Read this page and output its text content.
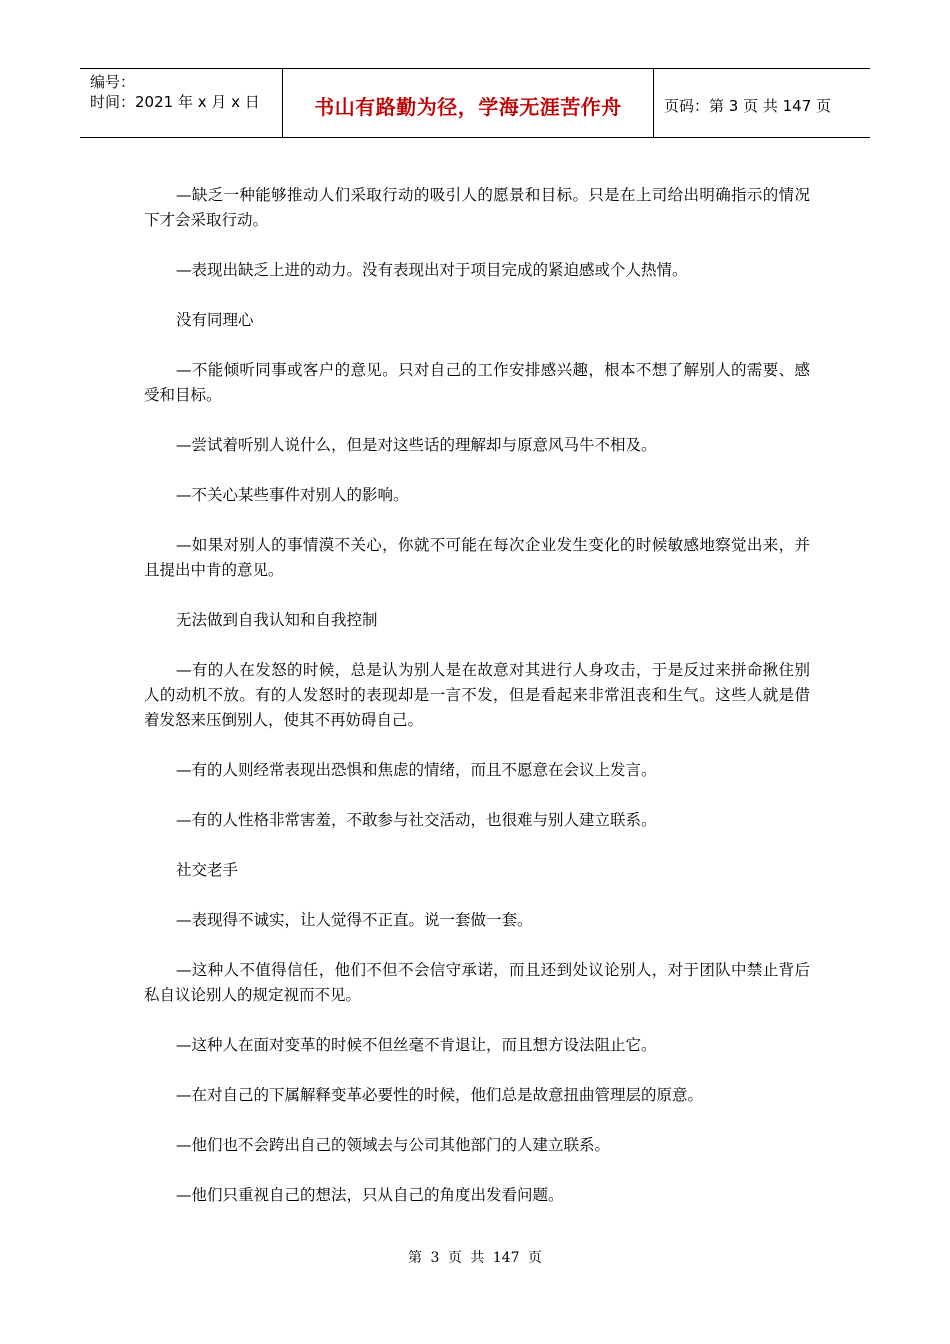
编号：
时间：2021 年 x 月 x 日	书山有路勤为径，学海无涯苦作舟	页码：第 3 页 共 147 页

—缺乏一种能够推动人们采取行动的吸引人的愿景和目标。只是在上司给出明确指示的情况下才会采取行动。

—表现出缺乏上进的动力。没有表现出对于项目完成的紧迫感或个人热情。

没有同理心

—不能倾听同事或客户的意见。只对自己的工作安排感兴趣，根本不想了解别人的需要、感受和目标。

—尝试着听别人说什么，但是对这些话的理解却与原意风马牛不相及。

—不关心某些事件对别人的影响。

—如果对别人的事情漠不关心，你就不可能在每次企业发生变化的时候敏感地察觉出来，并且提出中肯的意见。

无法做到自我认知和自我控制

—有的人在发怒的时候，总是认为别人是在故意对其进行人身攻击，于是反过来拼命揪住别人的动机不放。有的人发怒时的表现却是一言不发，但是看起来非常沮丧和生气。这些人就是借着发怒来压倒别人，使其不再妨碍自己。

—有的人则经常表现出恐惧和焦虑的情绪，而且不愿意在会议上发言。

—有的人性格非常害羞，不敢参与社交活动，也很难与别人建立联系。

社交老手

—表现得不诚实，让人觉得不正直。说一套做一套。

—这种人不值得信任，他们不但不会信守承诺，而且还到处议论别人，对于团队中禁止背后私自议论别人的规定视而不见。

—这种人在面对变革的时候不但丝毫不肯退让，而且想方设法阻止它。

—在对自己的下属解释变革必要性的时候，他们总是故意扭曲管理层的原意。

—他们也不会跨出自己的领域去与公司其他部门的人建立联系。

—他们只重视自己的想法，只从自己的角度出发看问题。

第 3 页 共 147 页
